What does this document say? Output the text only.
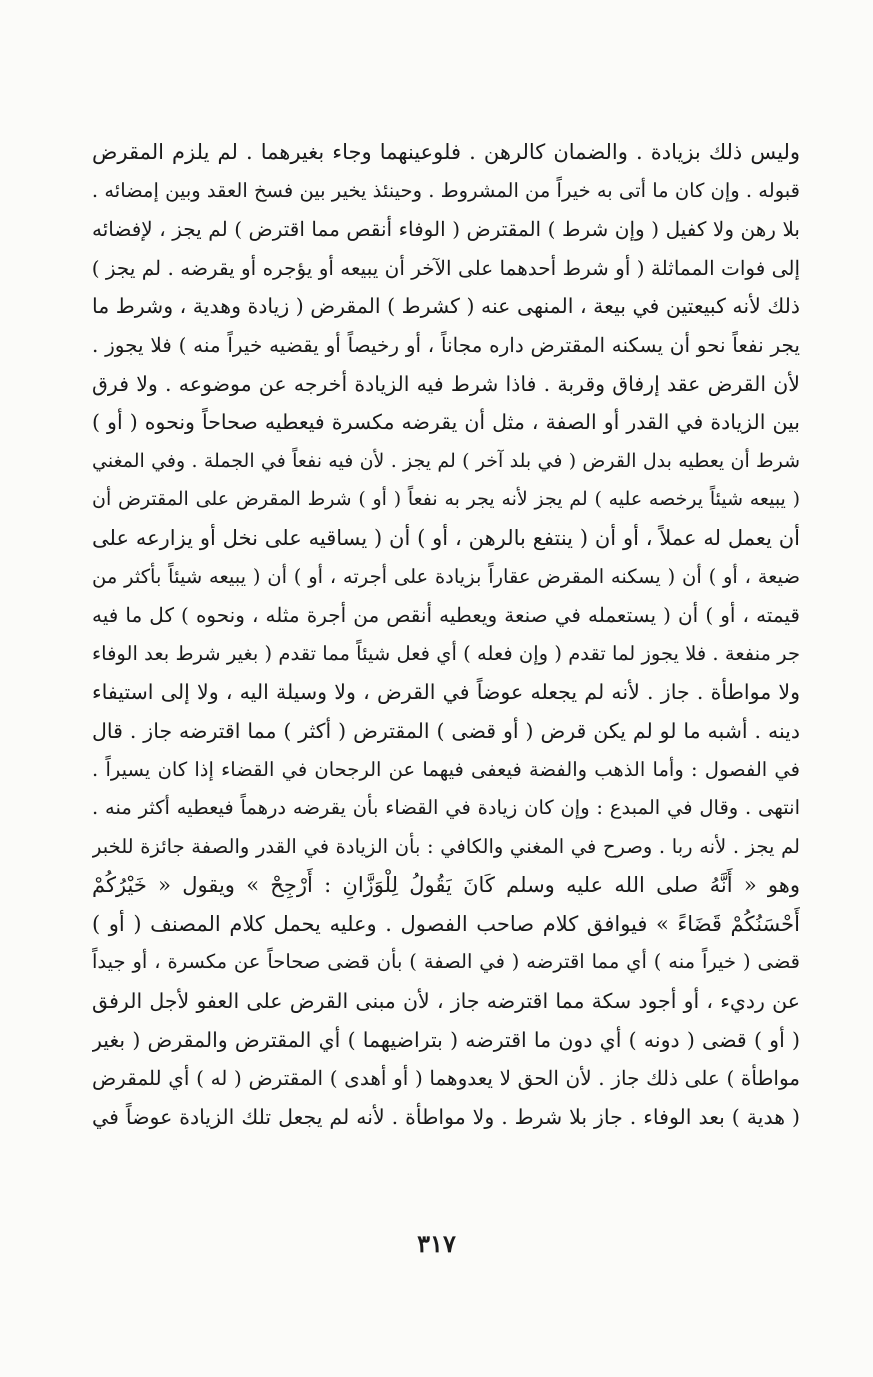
وليس ذلك بزيادة . والضمان كالرهن . فلوعينهما وجاء بغيرهما . لم يلزم المقرض
قبوله . وإن كان ما أتى به خيراً من المشروط . وحينئذ يخير بين فسخ العقد وبين إمضائه .
بلا رهن ولا كفيل ( وإن شرط ) المقترض ( الوفاء أنقص مما اقترض ) لم يجز ، لإفضائه
إلى فوات المماثلة ( أو شرط أحدهما على الآخر أن يبيعه أو يؤجره أو يقرضه . لم يجز )
ذلك لأنه كبيعتين في بيعة ، المنهى عنه ( كشرط ) المقرض ( زيادة وهدية ، وشرط ما
يجر نفعاً نحو أن يسكنه المقترض داره مجاناً ، أو رخيصاً أو يقضيه خيراً منه ) فلا يجوز .
لأن القرض عقد إرفاق وقربة . فاذا شرط فيه الزيادة أخرجه عن موضوعه . ولا فرق
بين الزيادة في القدر أو الصفة ، مثل أن يقرضه مكسرة فيعطيه صحاحاً ونحوه ( أو )
شرط أن يعطيه بدل القرض ( في بلد آخر ) لم يجز . لأن فيه نفعاً في الجملة . وفي المغني
( يبيعه شيئاً يرخصه عليه ) لم يجز لأنه يجر به نفعاً ( أو ) شرط المقرض على المقترض أن
أن يعمل له عملاً ، أو أن ( ينتفع بالرهن ، أو ) أن ( يساقيه على نخل أو يزارعه على
ضيعة ، أو ) أن ( يسكنه المقرض عقاراً بزيادة على أجرته ، أو ) أن ( يبيعه شيئاً بأكثر من
قيمته ، أو ) أن ( يستعمله في صنعة ويعطيه أنقص من أجرة مثله ، ونحوه ) كل ما فيه
جر منفعة . فلا يجوز لما تقدم ( وإن فعله ) أي فعل شيئاً مما تقدم ( بغير شرط بعد الوفاء
ولا مواطأة . جاز . لأنه لم يجعله عوضاً في القرض ، ولا وسيلة اليه ، ولا إلى استيفاء
دينه . أشبه ما لو لم يكن قرض ( أو قضى ) المقترض ( أكثر ) مما اقترضه جاز . قال
في الفصول : وأما الذهب والفضة فيعفى فيهما عن الرجحان في القضاء إذا كان يسيراً .
انتهى . وقال في المبدع : وإن كان زيادة في القضاء بأن يقرضه درهماً فيعطيه أكثر منه .
لم يجز . لأنه ربا . وصرح في المغني والكافي : بأن الزيادة في القدر والصفة جائزة للخبر
وهو « أَنَّهُ صلى الله عليه وسلم كَانَ يَقُولُ لِلْوَزَّانِ : أَرْجِحْ » ويقول « خَيْرُكُمْ
أَحْسَنُكُمْ قَضَاءً » فيوافق كلام صاحب الفصول . وعليه يحمل كلام المصنف ( أو )
قضى ( خيراً منه ) أي مما اقترضه ( في الصفة ) بأن قضى صحاحاً عن مكسرة ، أو جيداً
عن رديء ، أو أجود سكة مما اقترضه جاز ، لأن مبنى القرض على العفو لأجل الرفق
( أو ) قضى ( دونه ) أي دون ما اقترضه ( بتراضيهما ) أي المقترض والمقرض ( بغير
مواطأة ) على ذلك جاز . لأن الحق لا يعدوهما ( أو أهدى ) المقترض ( له ) أي للمقرض
( هدية ) بعد الوفاء . جاز بلا شرط . ولا مواطأة . لأنه لم يجعل تلك الزيادة عوضاً في
٣١٧
